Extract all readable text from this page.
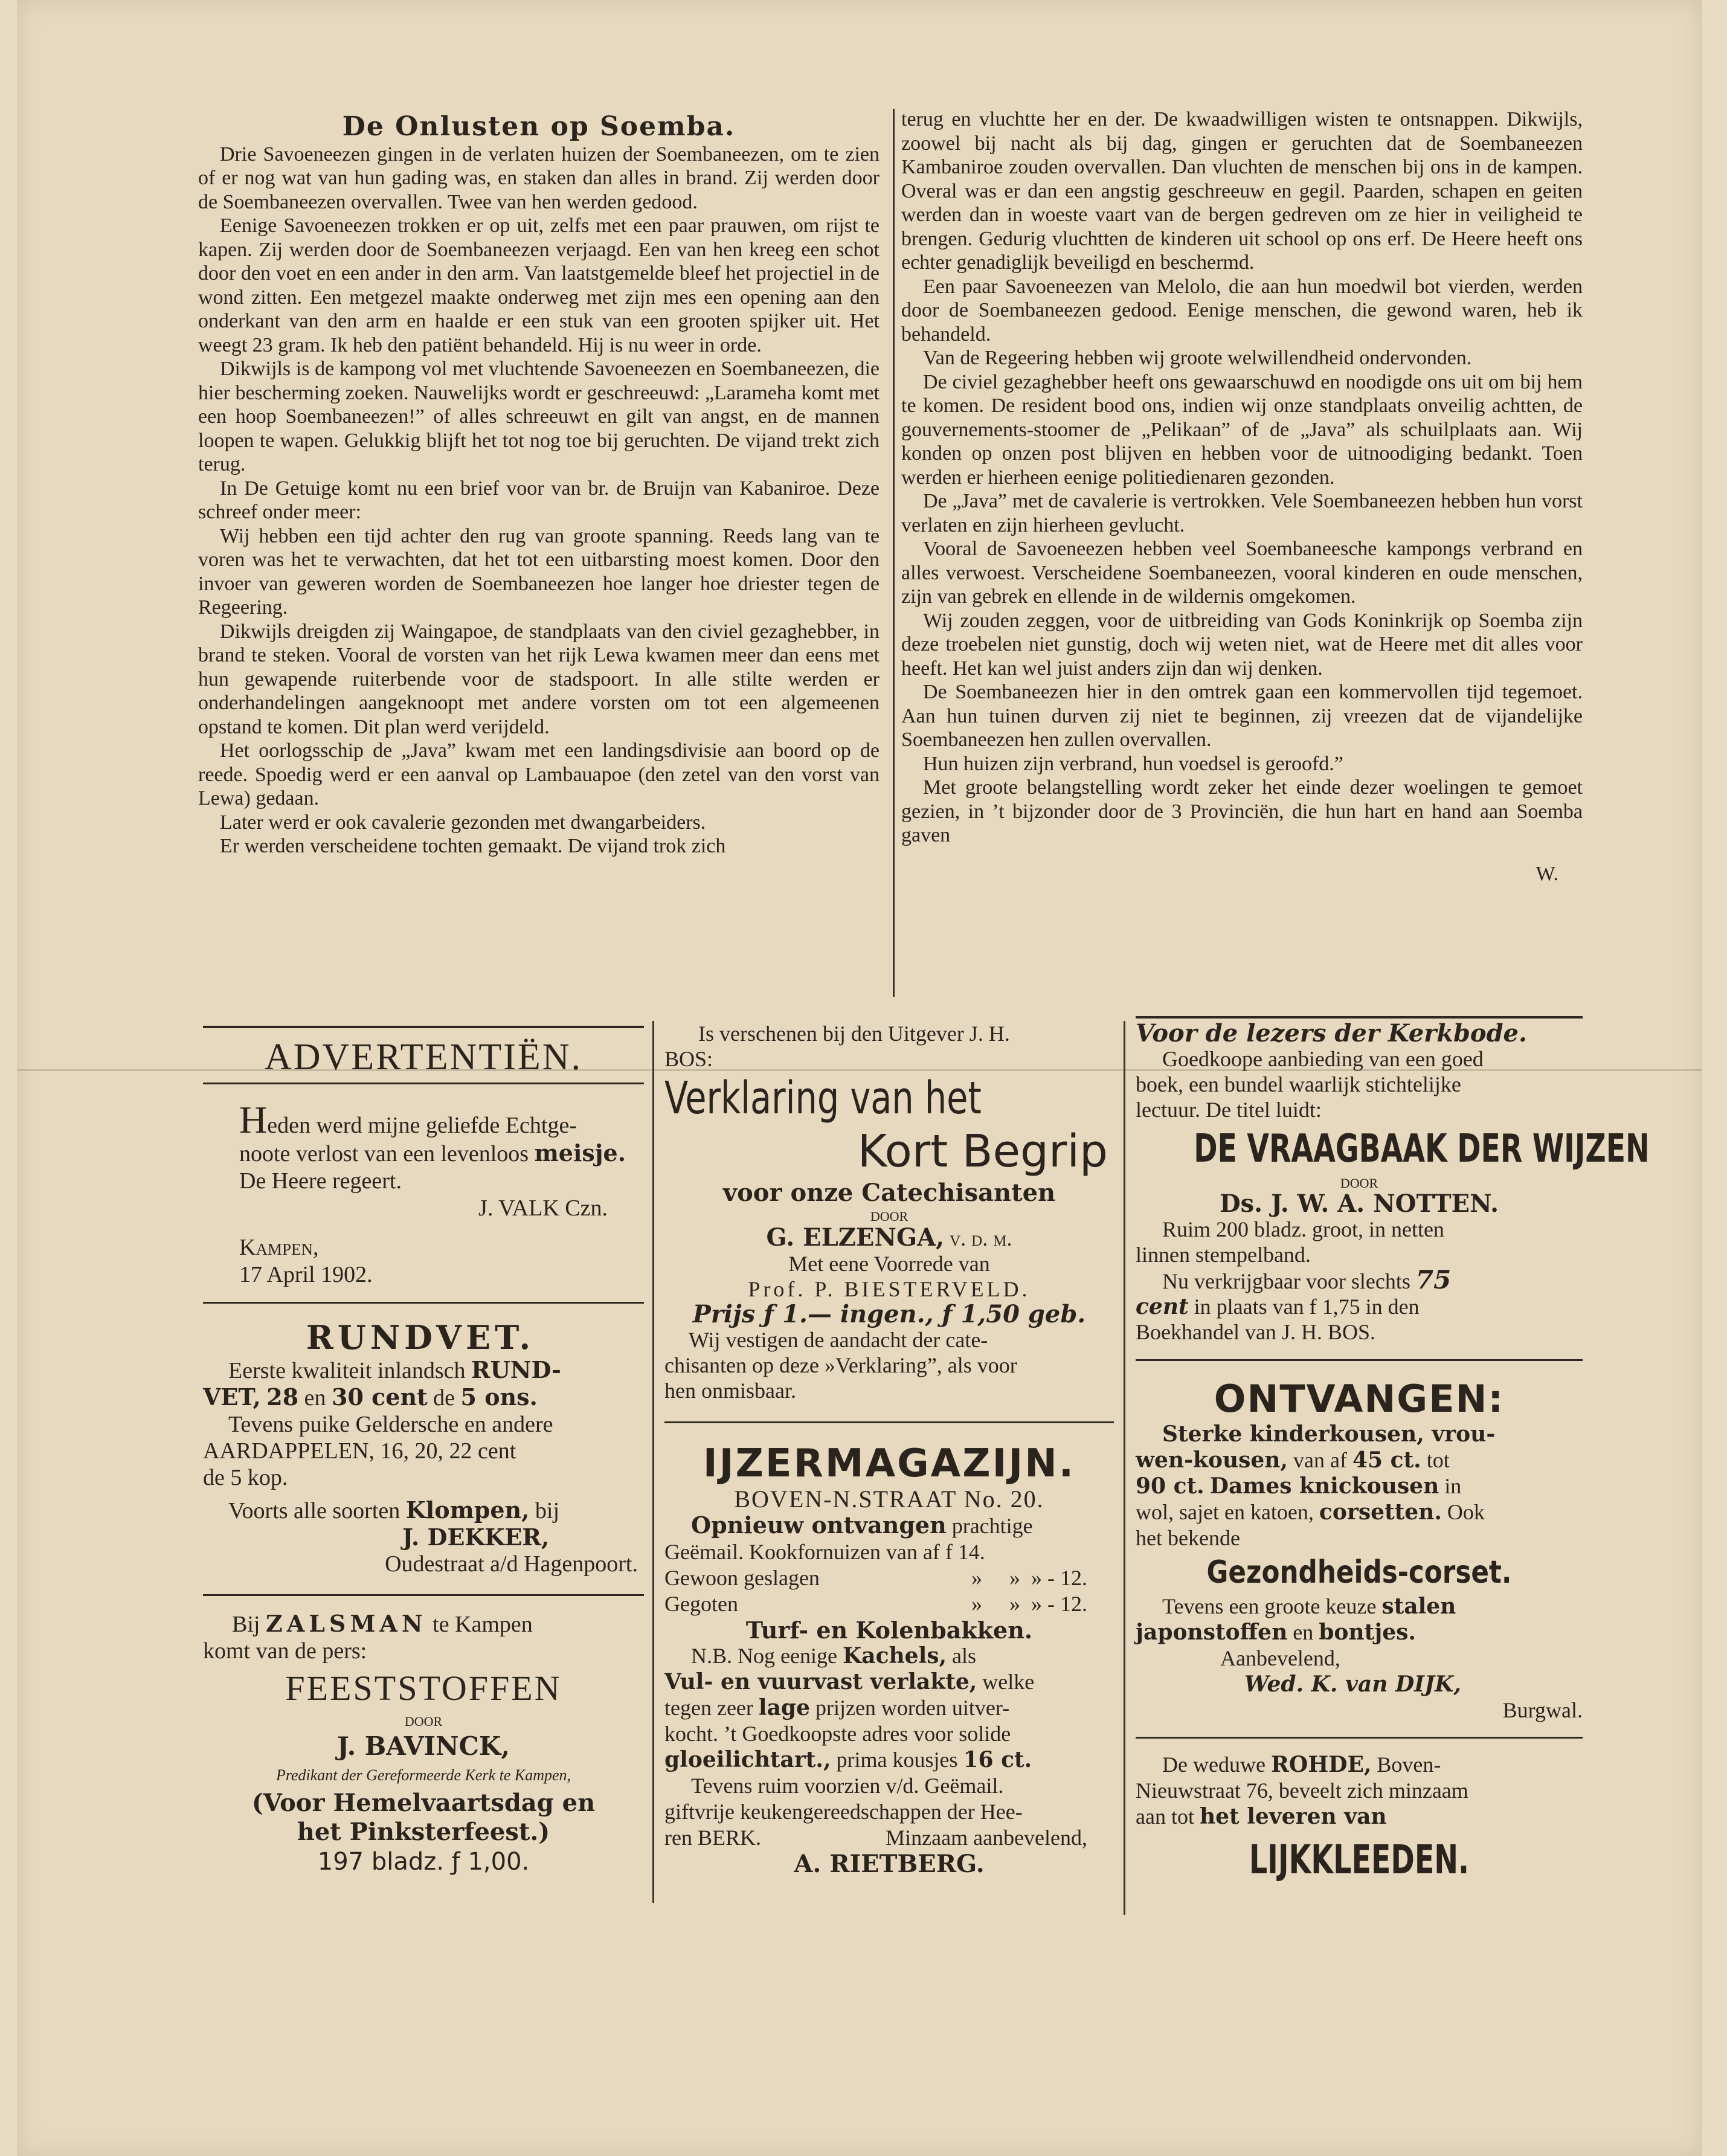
De Onlusten op Soemba.

Drie Savoeneezen gingen in de verlaten huizen der Soembaneezen, om te zien of er nog wat van hun gading was, en staken dan alles in brand. Zij werden door de Soembaneezen overvallen. Twee van hen werden gedood.

Eenige Savoeneezen trokken er op uit, zelfs met een paar prauwen, om rijst te kapen. Zij werden door de Soembaneezen verjaagd. Een van hen kreeg een schot door den voet en een ander in den arm. Van laatstgemelde bleef het projectiel in de wond zitten. Een metgezel maakte onderweg met zijn mes een opening aan den onderkant van den arm en haalde er een stuk van een grooten spijker uit. Het weegt 23 gram. Ik heb den patiënt behandeld. Hij is nu weer in orde.

Dikwijls is de kampong vol met vluchtende Savoeneezen en Soembaneezen, die hier bescherming zoeken. Nauwelijks wordt er geschreeuwd: „Larameha komt met een hoop Soembaneezen!” of alles schreeuwt en gilt van angst, en de mannen loopen te wapen. Gelukkig blijft het tot nog toe bij geruchten. De vijand trekt zich terug.

In De Getuige komt nu een brief voor van br. de Bruijn van Kabaniroe. Deze schreef onder meer:

Wij hebben een tijd achter den rug van groote spanning. Reeds lang van te voren was het te verwachten, dat het tot een uitbarsting moest komen. Door den invoer van geweren worden de Soembaneezen hoe langer hoe driester tegen de Regeering.

Dikwijls dreigden zij Waingapoe, de standplaats van den civiel gezaghebber, in brand te steken. Vooral de vorsten van het rijk Lewa kwamen meer dan eens met hun gewapende ruiterbende voor de stadspoort. In alle stilte werden er onderhandelingen aangeknoopt met andere vorsten om tot een algemeenen opstand te komen. Dit plan werd verijdeld.

Het oorlogsschip de „Java” kwam met een landingsdivisie aan boord op de reede. Spoedig werd er een aanval op Lambauapoe (den zetel van den vorst van Lewa) gedaan.

Later werd er ook cavalerie gezonden met dwangarbeiders.

Er werden verscheidene tochten gemaakt. De vijand trok zich

terug en vluchtte her en der. De kwaadwilligen wisten te ontsnappen. Dikwijls, zoowel bij nacht als bij dag, gingen er geruchten dat de Soembaneezen Kambaniroe zouden overvallen. Dan vluchten de menschen bij ons in de kampen. Overal was er dan een angstig geschreeuw en gegil. Paarden, schapen en geiten werden dan in woeste vaart van de bergen gedreven om ze hier in veiligheid te brengen. Gedurig vluchtten de kinderen uit school op ons erf. De Heere heeft ons echter genadiglijk beveiligd en beschermd.

Een paar Savoeneezen van Melolo, die aan hun moedwil bot vierden, werden door de Soembaneezen gedood. Eenige menschen, die gewond waren, heb ik behandeld.

Van de Regeering hebben wij groote welwillendheid ondervonden.

De civiel gezaghebber heeft ons gewaarschuwd en noodigde ons uit om bij hem te komen. De resident bood ons, indien wij onze standplaats onveilig achtten, de gouvernements-stoomer de „Pelikaan” of de „Java” als schuilplaats aan. Wij konden op onzen post blijven en hebben voor de uitnoodiging bedankt. Toen werden er hierheen eenige politiedienaren gezonden.

De „Java” met de cavalerie is vertrokken. Vele Soembaneezen hebben hun vorst verlaten en zijn hierheen gevlucht.

Vooral de Savoeneezen hebben veel Soembaneesche kampongs verbrand en alles verwoest. Verscheidene Soembaneezen, vooral kinderen en oude menschen, zijn van gebrek en ellende in de wildernis omgekomen.

Wij zouden zeggen, voor de uitbreiding van Gods Koninkrijk op Soemba zijn deze troebelen niet gunstig, doch wij weten niet, wat de Heere met dit alles voor heeft. Het kan wel juist anders zijn dan wij denken.

De Soembaneezen hier in den omtrek gaan een kommervollen tijd tegemoet. Aan hun tuinen durven zij niet te beginnen, zij vreezen dat de vijandelijke Soembaneezen hen zullen overvallen.

Hun huizen zijn verbrand, hun voedsel is geroofd.”

Met groote belangstelling wordt zeker het einde dezer woelingen te gemoet gezien, in ’t bijzonder door de 3 Provinciën, die hun hart en hand aan Soemba gaven

W.

ADVERTENTIËN.
Heden werd mijne geliefde Echtge-
noote verlost van een levenloos meisje.
De Heere regeert.
J. VALK Czn.
Kampen,
17 April 1902.
RUNDVET.
Eerste kwaliteit inlandsch RUND-
VET, 28 en 30 cent de 5 ons.
Tevens puike Geldersche en andere
AARDAPPELEN, 16, 20, 22 cent
de 5 kop.
Voorts alle soorten Klompen, bij
J. DEKKER,
Oudestraat a/d Hagenpoort.
Bij ZALSMAN te Kampen
komt van de pers:
FEESTSTOFFEN
DOOR
J. BAVINCK,
Predikant der Gereformeerde Kerk te Kampen,
(Voor Hemelvaartsdag en
het Pinksterfeest.)
197 bladz. ƒ 1,00.
Is verschenen bij den Uitgever J. H.
BOS:
Verklaring van het
Kort Begrip
voor onze Catechisanten
DOOR
G. ELZENGA, v. d. m.
Met eene Voorrede van
Prof. P. BIESTERVELD.
Prijs ƒ 1.— ingen., ƒ 1,50 geb.
Wij vestigen de aandacht der cate-
chisanten op deze »Verklaring”, als voor
hen onmisbaar.
IJZERMAGAZIJN.
BOVEN-N.STRAAT No. 20.
Opnieuw ontvangen prachtige
Geëmail. Kookfornuizen van af f 14.
Gewoon geslagen	»     »  » - 12.
Gegoten	»     »  » - 12.
Turf- en Kolenbakken.
N.B. Nog eenige Kachels, als
Vul- en vuurvast verlakte, welke
tegen zeer lage prijzen worden uitver-
kocht. ’t Goedkoopste adres voor solide
gloeilichtart., prima kousjes 16 ct.
Tevens ruim voorzien v/d. Geëmail.
giftvrije keukengereedschappen der Hee-
ren BERK.	Minzaam aanbevelend,
A. RIETBERG.
Voor de lezers der Kerkbode.
Goedkoope aanbieding van een goed
boek, een bundel waarlijk stichtelijke
lectuur. De titel luidt:
DE VRAAGBAAK DER WIJZEN
DOOR
Ds. J. W. A. NOTTEN.
Ruim 200 bladz. groot, in netten
linnen stempelband.
Nu verkrijgbaar voor slechts 75
cent in plaats van f 1,75 in den
Boekhandel van J. H. BOS.
ONTVANGEN:
Sterke kinderkousen, vrou-
wen-kousen, van af 45 ct. tot
90 ct. Dames knickousen in
wol, sajet en katoen, corsetten. Ook
het bekende
Gezondheids-corset.
Tevens een groote keuze stalen
japonstoffen en bontjes.
Aanbevelend,
Wed. K. van DIJK,
Burgwal.
De weduwe ROHDE, Boven-
Nieuwstraat 76, beveelt zich minzaam
aan tot het leveren van
LIJKKLEEDEN.
